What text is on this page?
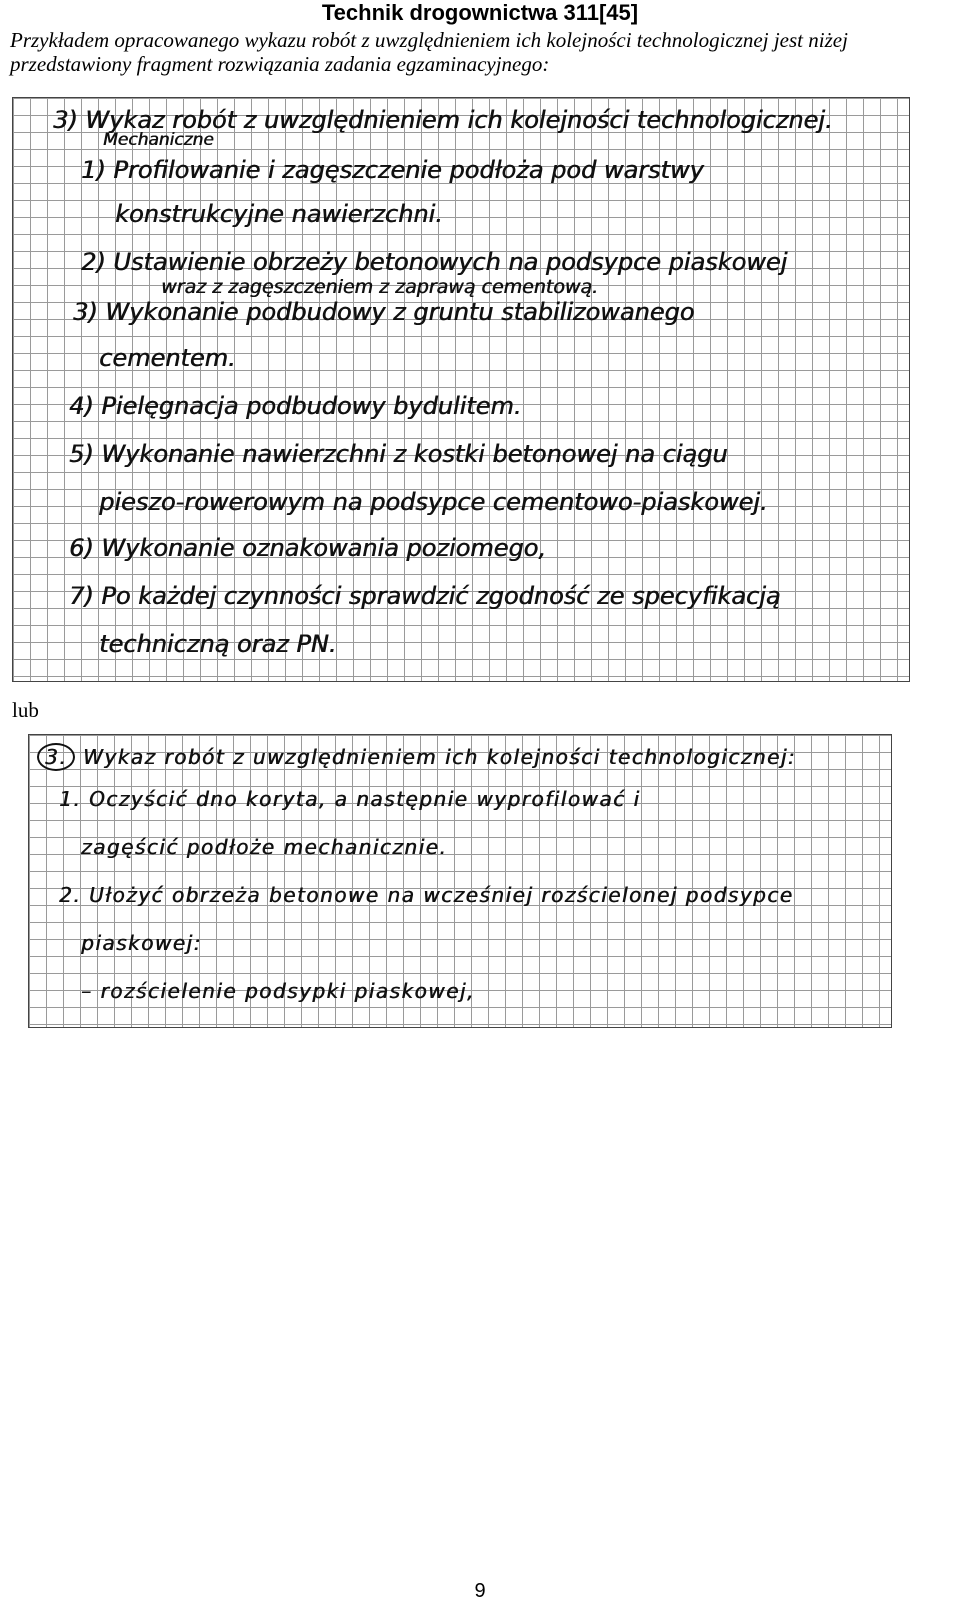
Technik drogownictwa 311[45]

Przykładem opracowanego wykazu robót z uwzględnieniem ich kolejności technologicznej jest niżej przedstawiony fragment rozwiązania zadania egzaminacyjnego:

3) Wykaz robót z uwzględnieniem ich kolejności technologicznej.

Mechaniczne

1) Profilowanie i zagęszczenie podłoża pod warstwy

konstrukcyjne nawierzchni.

2) Ustawienie obrzeży betonowych na podsypce piaskowej

wraz z zagęszczeniem z zaprawą cementową.

3) Wykonanie podbudowy z gruntu stabilizowanego

cementem.

4) Pielęgnacja podbudowy bydulitem.

5) Wykonanie nawierzchni z kostki betonowej na ciągu

pieszo-rowerowym na podsypce cementowo-piaskowej.

6) Wykonanie oznakowania poziomego,

7) Po każdej czynności sprawdzić zgodność ze specyfikacją

techniczną oraz PN.

lub

3. Wykaz robót z uwzględnieniem ich kolejności technologicznej:

1. Oczyścić dno koryta, a następnie wyprofilować i

zagęścić podłoże mechanicznie.

2. Ułożyć obrzeża betonowe na wcześniej rozścielonej podsypce

piaskowej:

– rozścielenie podsypki piaskowej,

9
